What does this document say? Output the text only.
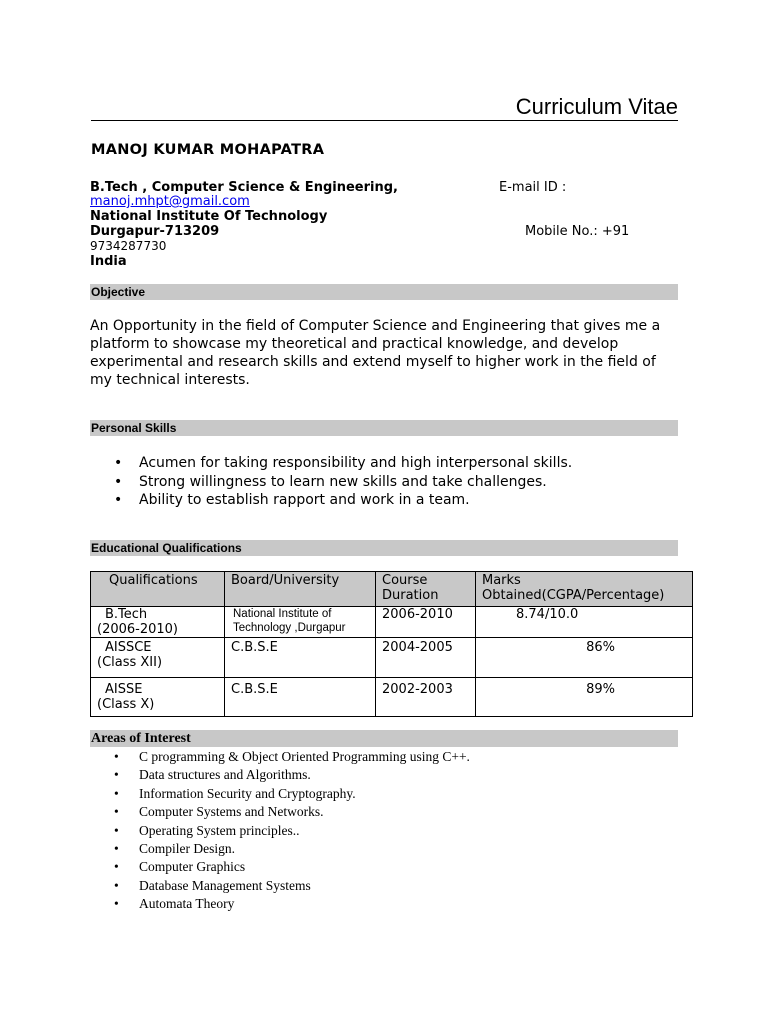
Curriculum Vitae
MANOJ KUMAR MOHAPATRA
B.Tech , Computer Science & Engineering,	E-mail ID :
manoj.mhpt@gmail.com
National Institute Of Technology
Durgapur-713209	Mobile No.: +91
9734287730
India
Objective
An Opportunity in the field of Computer Science and Engineering that gives me a platform to showcase my theoretical and practical knowledge, and develop experimental and research skills and extend myself to higher work in the field of my technical interests.
Personal Skills
• Acumen for taking responsibility and high interpersonal skills.
• Strong willingness to learn new skills and take challenges.
• Ability to establish rapport and work in a team.
Educational Qualifications
Qualifications	Board/University	Course Duration	Marks Obtained(CGPA/Percentage)

B.Tech
(2006-2010)	National Institute of Technology ,Durgapur	2006-2010	8.74/10.0

AISSCE
(Class XII)	C.B.S.E	2004-2005	86%

AISSE
(Class X)	C.B.S.E	2002-2003	89%
Areas of Interest
• C programming & Object Oriented Programming using C++.
• Data structures and Algorithms.
• Information Security and Cryptography.
• Computer Systems and Networks.
• Operating System principles..
• Compiler Design.
• Computer Graphics
• Database Management Systems
• Automata Theory
